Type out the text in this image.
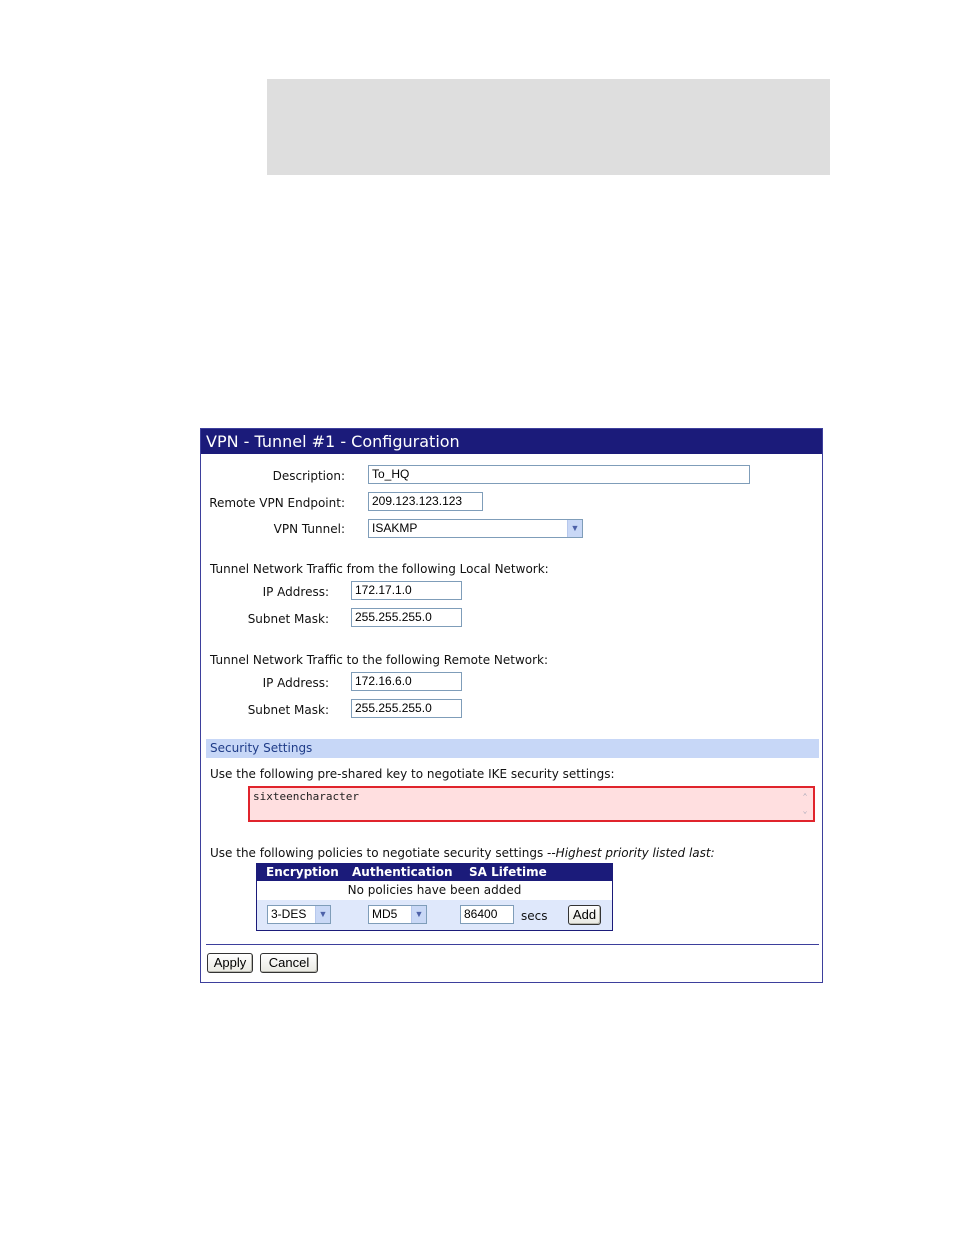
VPN - Tunnel #1 - Configuration
Description:	To_HQ
Remote VPN Endpoint:	209.123.123.123
VPN Tunnel:	ISAKMP	▼
Tunnel Network Traffic from the following Local Network:
IP Address:	172.17.1.0
Subnet Mask:	255.255.255.0
Tunnel Network Traffic to the following Remote Network:
IP Address:	172.16.6.0
Subnet Mask:	255.255.255.0
Security Settings
Use the following pre-shared key to negotiate IKE security settings:
sixteencharacter	⌃
⌄
Use the following policies to negotiate security settings --Highest priority listed last:
Encryption Authentication SA Lifetime
No policies have been added
3-DES ▼	MD5 ▼	86400	secs	Add
Apply	Cancel
